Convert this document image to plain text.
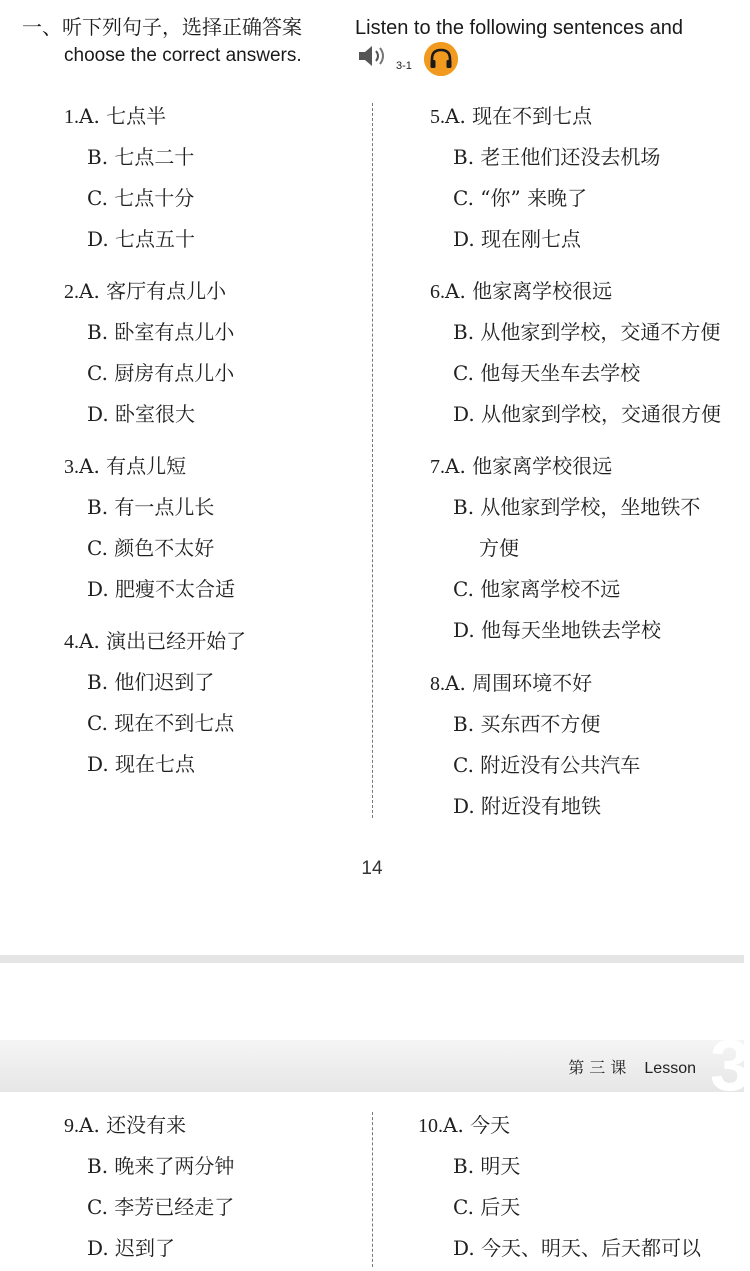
一、听下列句子，选择正确答案	Listen to the following sentences and
choose the correct answers.	3-1
1.A. 七点半
B. 七点二十
C. 七点十分
D. 七点五十
2.A. 客厅有点儿小
B. 卧室有点儿小
C. 厨房有点儿小
D. 卧室很大
3.A. 有点儿短
B. 有一点儿长
C. 颜色不太好
D. 肥瘦不太合适
4.A. 演出已经开始了
B. 他们迟到了
C. 现在不到七点
D. 现在七点
5.A. 现在不到七点
B. 老王他们还没去机场
C. “你” 来晚了
D. 现在刚七点
6.A. 他家离学校很远
B. 从他家到学校，交通不方便
C. 他每天坐车去学校
D. 从他家到学校，交通很方便
7.A. 他家离学校很远
B. 从他家到学校，坐地铁不
方便
C. 他家离学校不远
D. 他每天坐地铁去学校
8.A. 周围环境不好
B. 买东西不方便
C. 附近没有公共汽车
D. 附近没有地铁
14
第 三 课 Lesson 3
9.A. 还没有来
B. 晚来了两分钟
C. 李芳已经走了
D. 迟到了
10.A. 今天
B. 明天
C. 后天
D. 今天、明天、后天都可以
